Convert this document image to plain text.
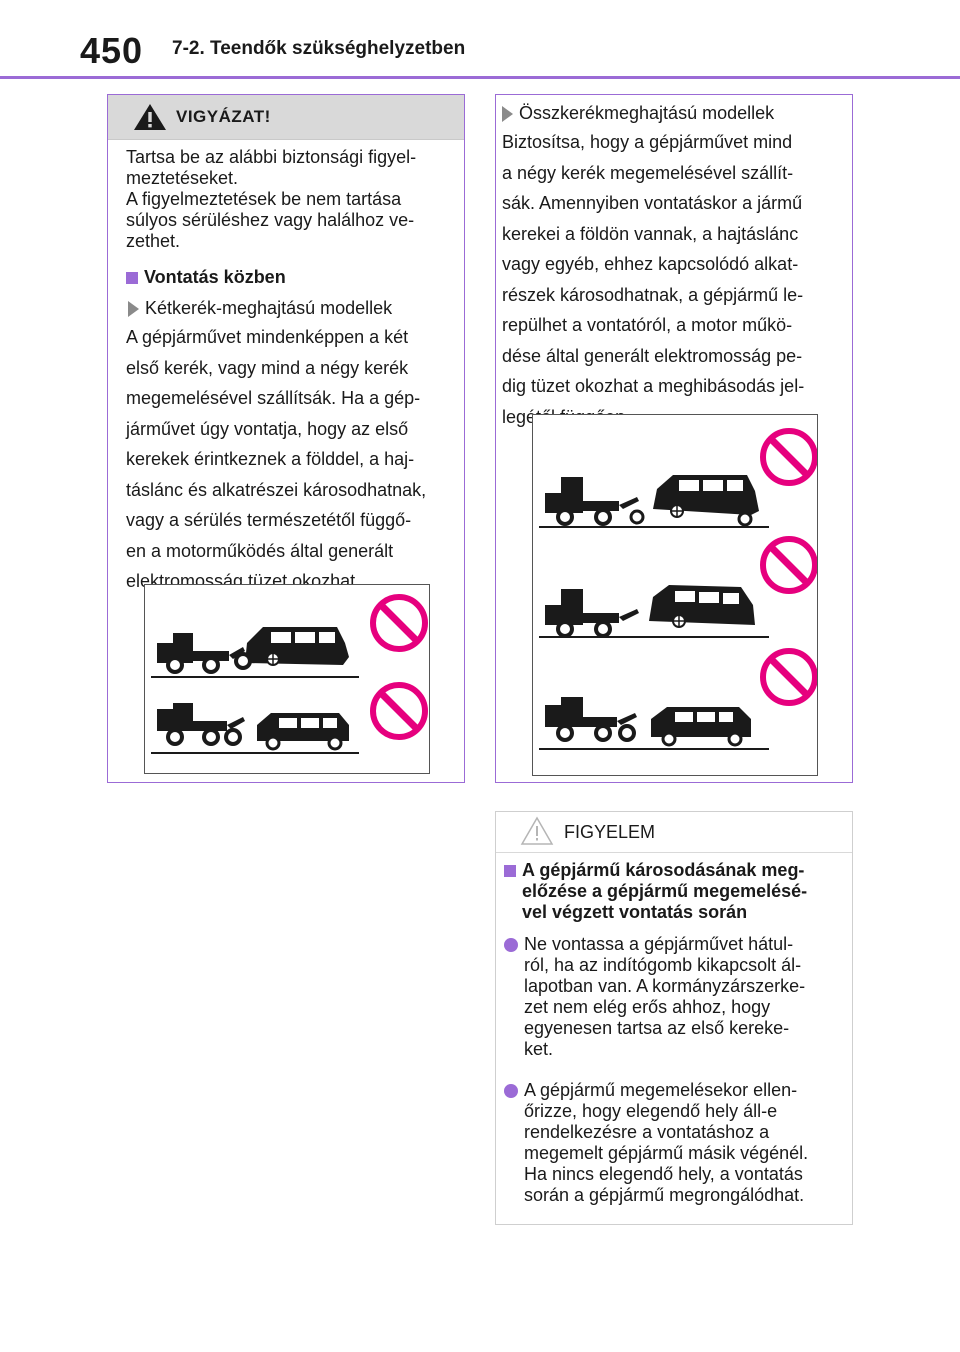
450 7-2. Teendők szükséghelyzetben
VIGYÁZAT!
Tartsa be az alábbi biztonsági figyel-
meztetéseket.
A figyelmeztetések be nem tartása
súlyos sérüléshez vagy halálhoz ve-
zethet.
Vontatás közben
Kétkerék-meghajtású modellek
A gépjárművet mindenképpen a két
első kerék, vagy mind a négy kerék
megemelésével szállítsák. Ha a gép-
járművet úgy vontatja, hogy az első
kerekek érintkeznek a földdel, a haj-
táslánc és alkatrészei károsodhatnak,
vagy a sérülés természetétől függő-
en a motorműködés által generált
elektromosság tüzet okozhat.
Összkerékmeghajtású modellek
Biztosítsa, hogy a gépjárművet mind
a négy kerék megemelésével szállít-
sák. Amennyiben vontatáskor a jármű
kerekei a földön vannak, a hajtáslánc
vagy egyéb, ehhez kapcsolódó alkat-
részek károsodhatnak, a gépjármű le-
repülhet a vontatóról, a motor műkö-
dése által generált elektromosság pe-
dig tüzet okozhat a meghibásodás jel-
legétől függően.
FIGYELEM
A gépjármű károsodásának meg-
előzése a gépjármű megemelésé-
vel végzett vontatás során
Ne vontassa a gépjárművet hátul-
ról, ha az indítógomb kikapcsolt ál-
lapotban van. A kormányzárszerke-
zet nem elég erős ahhoz, hogy
egyenesen tartsa az első kereke-
ket.
A gépjármű megemelésekor ellen-
őrizze, hogy elegendő hely áll-e
rendelkezésre a vontatáshoz a
megemelt gépjármű másik végénél.
Ha nincs elegendő hely, a vontatás
során a gépjármű megrongálódhat.
